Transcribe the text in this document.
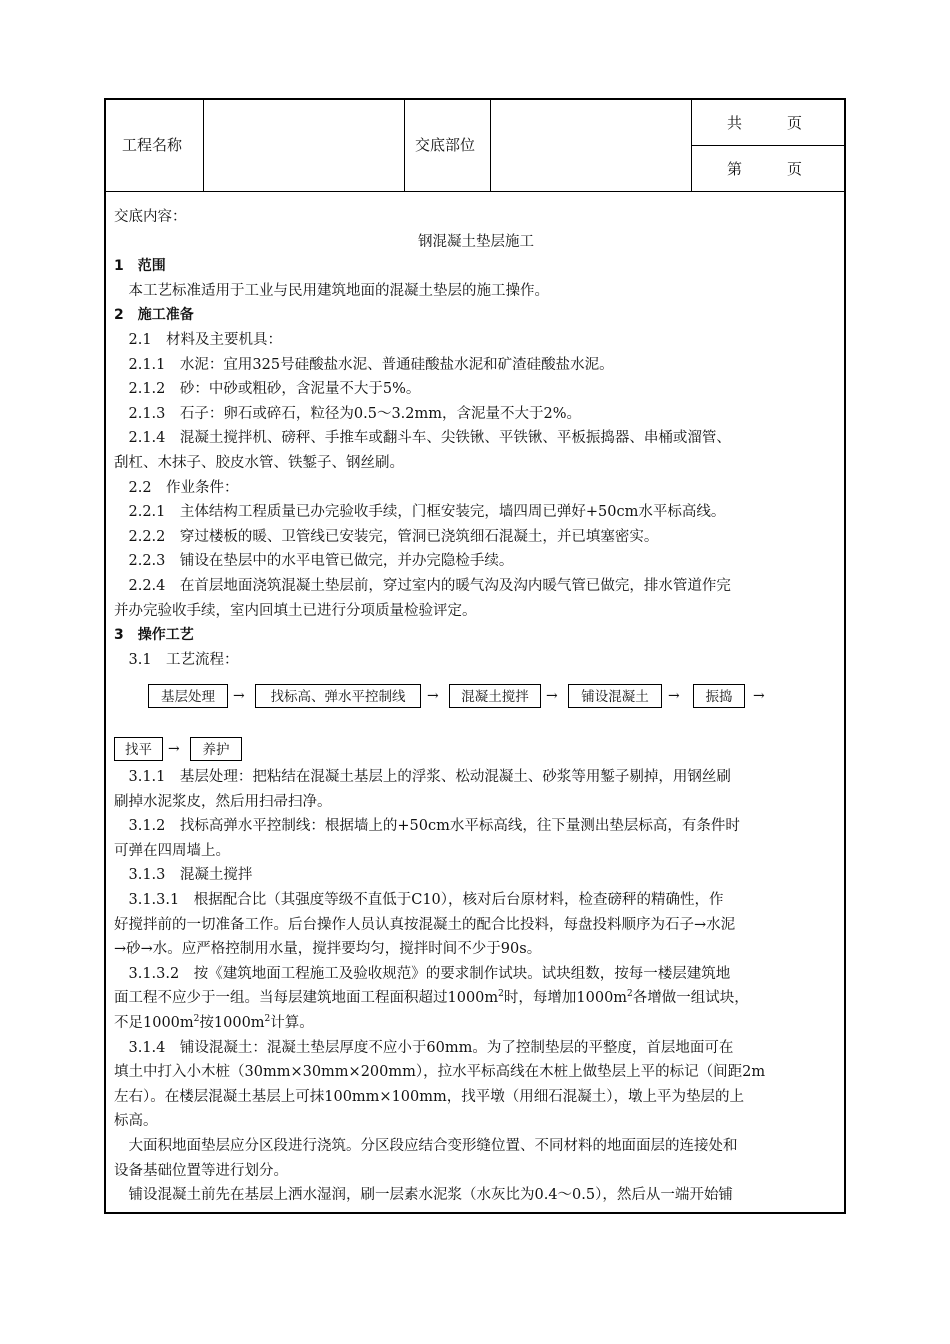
工程名称	交底部位
共　　　页
第　　　页
交底内容：
钢混凝土垫层施工
1　范围
　本工艺标准适用于工业与民用建筑地面的混凝土垫层的施工操作。
2　施工准备
　2.1　材料及主要机具：
　2.1.1　水泥：宜用325号硅酸盐水泥、普通硅酸盐水泥和矿渣硅酸盐水泥。
　2.1.2　砂：中砂或粗砂，含泥量不大于5%。
　2.1.3　石子：卵石或碎石，粒径为0.5～3.2mm，含泥量不大于2%。
　2.1.4　混凝土搅拌机、磅秤、手推车或翻斗车、尖铁锹、平铁锹、平板振捣器、串桶或溜管、
刮杠、木抹子、胶皮水管、铁錾子、钢丝刷。
　2.2　作业条件：
　2.2.1　主体结构工程质量已办完验收手续，门框安装完，墙四周已弹好+50cm水平标高线。
　2.2.2　穿过楼板的暖、卫管线已安装完，管洞已浇筑细石混凝土，并已填塞密实。
　2.2.3　铺设在垫层中的水平电管已做完，并办完隐检手续。
　2.2.4　在首层地面浇筑混凝土垫层前，穿过室内的暖气沟及沟内暖气管已做完，排水管道作完
并办完验收手续，室内回填土已进行分项质量检验评定。
3　操作工艺
　3.1　工艺流程：
基层处理	→	找标高、弹水平控制线	→	混凝土搅拌	→	铺设混凝土	→	振捣	→
找平	→	养护
　3.1.1　基层处理：把粘结在混凝土基层上的浮浆、松动混凝土、砂浆等用錾子剔掉，用钢丝刷
刷掉水泥浆皮，然后用扫帚扫净。
　3.1.2　找标高弹水平控制线：根据墙上的+50cm水平标高线，往下量测出垫层标高，有条件时
可弹在四周墙上。
　3.1.3　混凝土搅拌
　3.1.3.1　根据配合比（其强度等级不直低于C10），核对后台原材料，检查磅秤的精确性，作
好搅拌前的一切准备工作。后台操作人员认真按混凝土的配合比投料，每盘投料顺序为石子→水泥
→砂→水。应严格控制用水量，搅拌要均匀，搅拌时间不少于90s。
　3.1.3.2　按《建筑地面工程施工及验收规范》的要求制作试块。试块组数，按每一楼层建筑地
面工程不应少于一组。当每层建筑地面工程面积超过$1000m^2$时，每增加$1000m^2$各增做一组试块，
不足$1000m^2$按$1000m^2$计算。
　3.1.4　铺设混凝土：混凝土垫层厚度不应小于60mm。为了控制垫层的平整度，首层地面可在
填土中打入小木桩（30mm×30mm×200mm），拉水平标高线在木桩上做垫层上平的标记（间距2m
左右）。在楼层混凝土基层上可抹100mm×100mm，找平墩（用细石混凝土），墩上平为垫层的上
标高。
　大面积地面垫层应分区段进行浇筑。分区段应结合变形缝位置、不同材料的地面面层的连接处和
设备基础位置等进行划分。
　铺设混凝土前先在基层上洒水湿润，刷一层素水泥浆（水灰比为0.4～0.5），然后从一端开始铺
